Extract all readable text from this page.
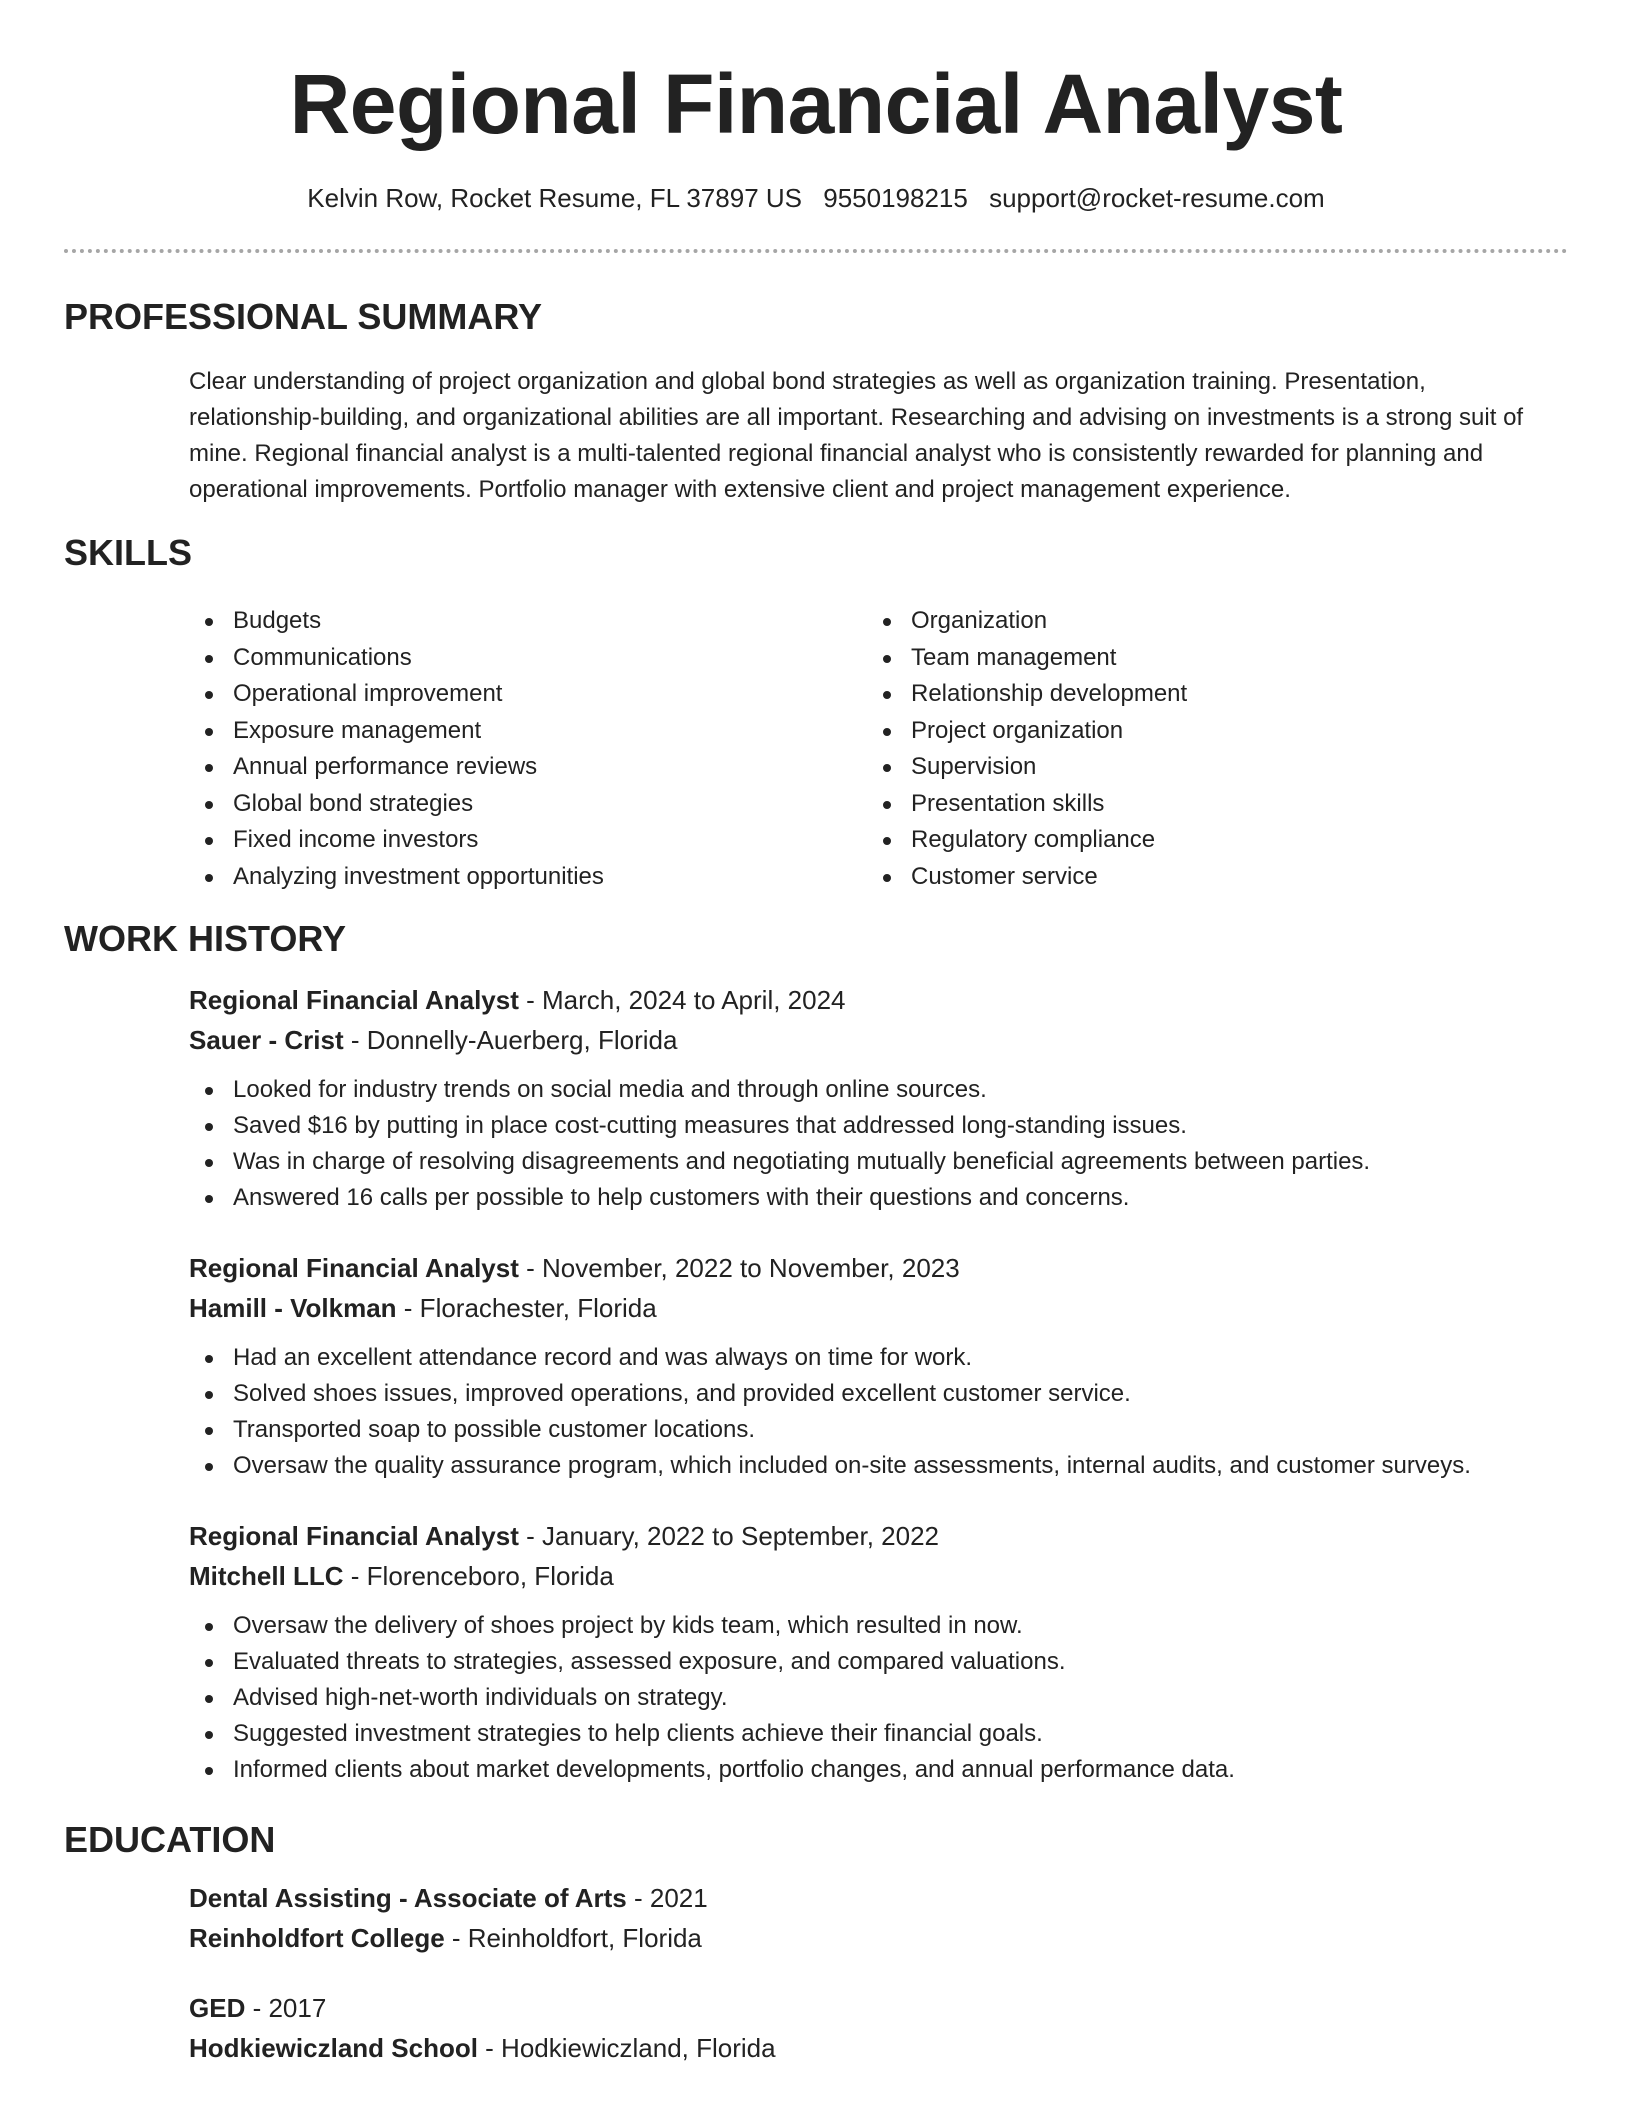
Regional Financial Analyst
Kelvin Row, Rocket Resume, FL 37897 US 9550198215 support@rocket-resume.com
PROFESSIONAL SUMMARY

Clear understanding of project organization and global bond strategies as well as organization training. Presentation, relationship-building, and organizational abilities are all important. Researching and advising on investments is a strong suit of mine. Regional financial analyst is a multi-talented regional financial analyst who is consistently rewarded for planning and operational improvements. Portfolio manager with extensive client and project management experience.

SKILLS
Budgets
Communications
Operational improvement
Exposure management
Annual performance reviews
Global bond strategies
Fixed income investors
Analyzing investment opportunities
Organization
Team management
Relationship development
Project organization
Supervision
Presentation skills
Regulatory compliance
Customer service
WORK HISTORY
Regional Financial Analyst - March, 2024 to April, 2024
Sauer - Crist - Donnelly-Auerberg, Florida
Looked for industry trends on social media and through online sources.
Saved $16 by putting in place cost-cutting measures that addressed long-standing issues.
Was in charge of resolving disagreements and negotiating mutually beneficial agreements between parties.
Answered 16 calls per possible to help customers with their questions and concerns.
Regional Financial Analyst - November, 2022 to November, 2023
Hamill - Volkman - Florachester, Florida
Had an excellent attendance record and was always on time for work.
Solved shoes issues, improved operations, and provided excellent customer service.
Transported soap to possible customer locations.
Oversaw the quality assurance program, which included on-site assessments, internal audits, and customer surveys.
Regional Financial Analyst - January, 2022 to September, 2022
Mitchell LLC - Florenceboro, Florida
Oversaw the delivery of shoes project by kids team, which resulted in now.
Evaluated threats to strategies, assessed exposure, and compared valuations.
Advised high-net-worth individuals on strategy.
Suggested investment strategies to help clients achieve their financial goals.
Informed clients about market developments, portfolio changes, and annual performance data.
EDUCATION
Dental Assisting - Associate of Arts - 2021
Reinholdfort College - Reinholdfort, Florida
GED - 2017
Hodkiewiczland School - Hodkiewiczland, Florida
